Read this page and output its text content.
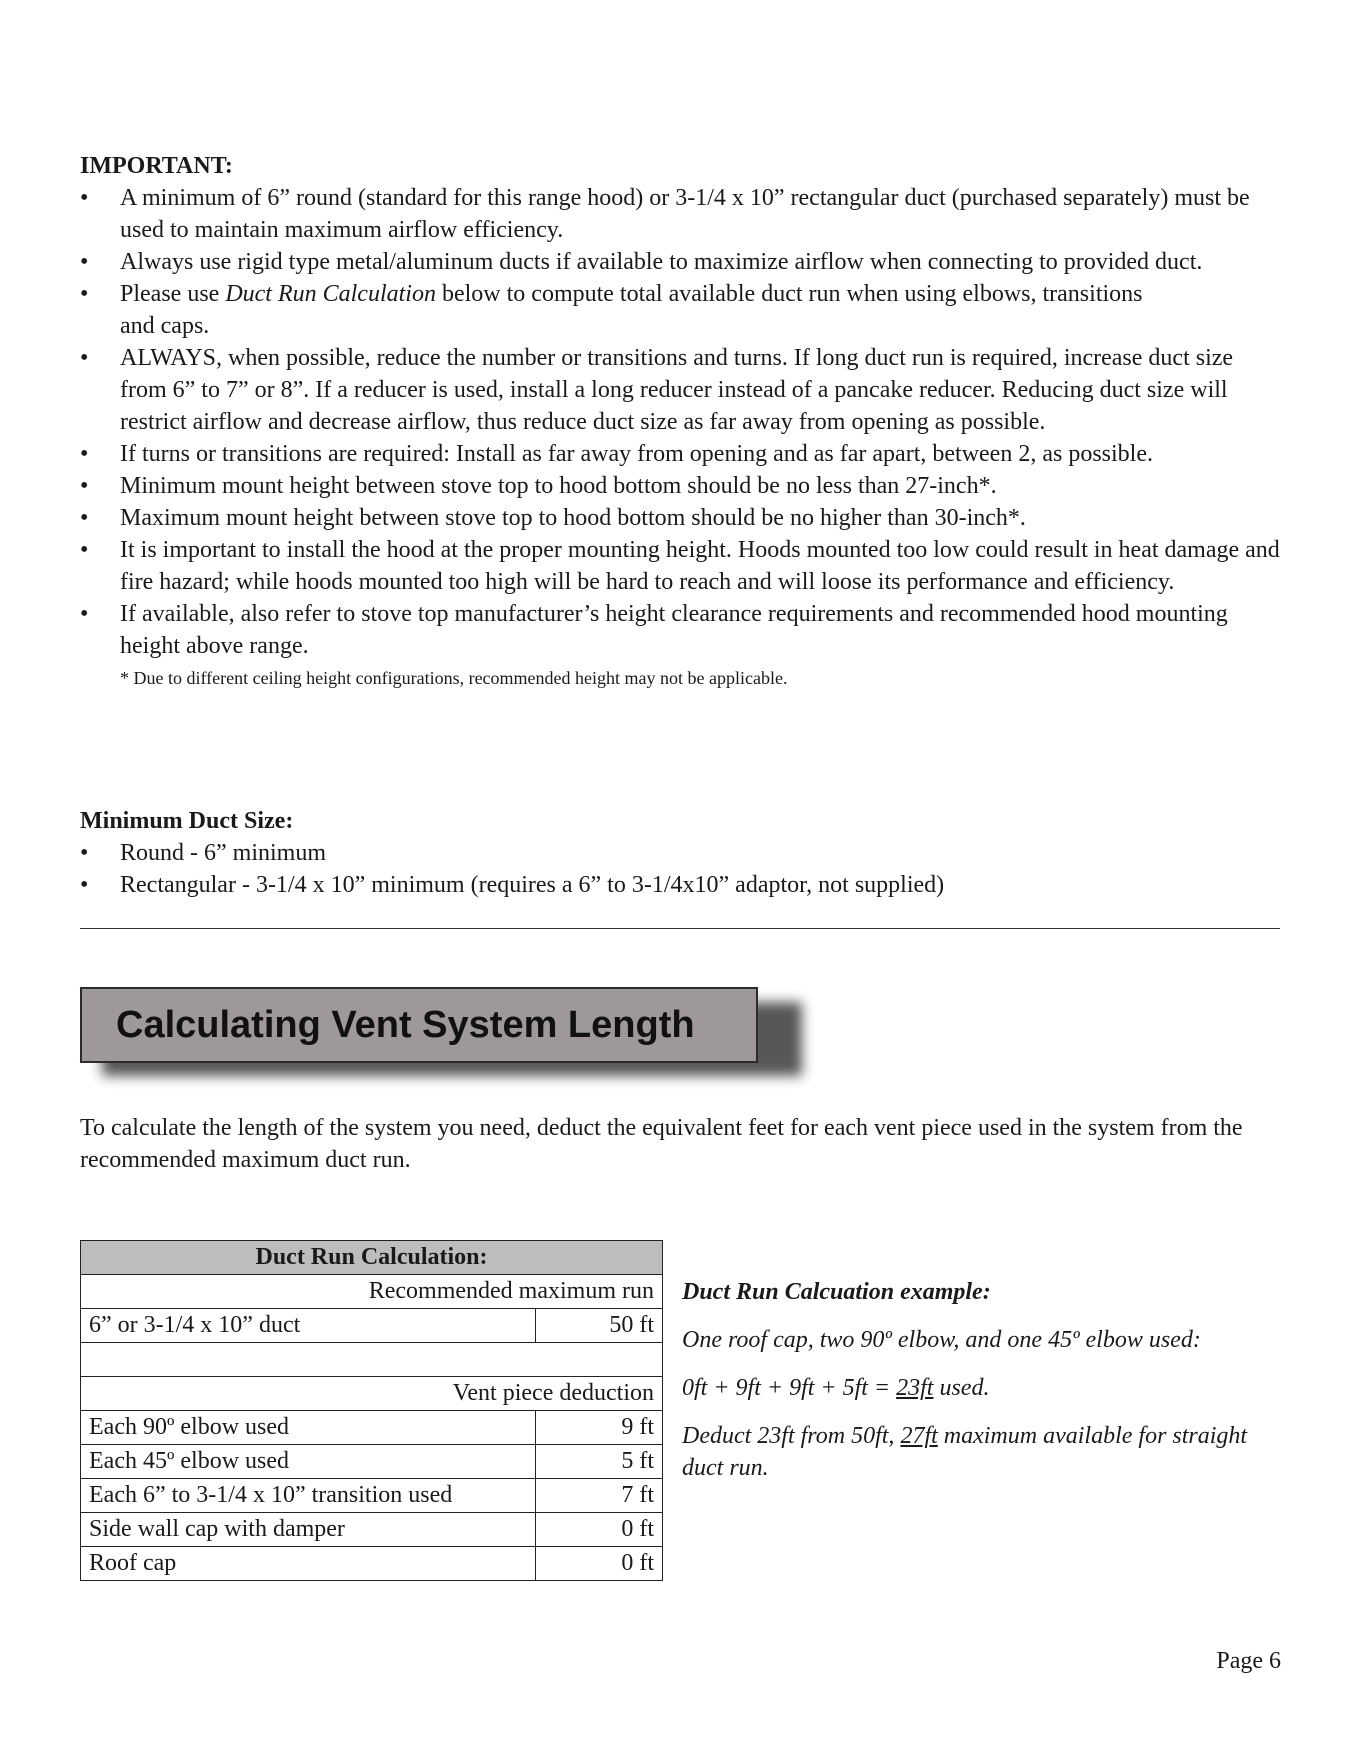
IMPORTANT:

• A minimum of 6” round (standard for this range hood) or 3-1/4 x 10” rectangular duct (purchased separately) must be used to maintain maximum airflow efficiency.
• Always use rigid type metal/aluminum ducts if available to maximize airflow when connecting to provided duct.
• Please use Duct Run Calculation below to compute total available duct run when using elbows, transitions
and caps.
• ALWAYS, when possible, reduce the number or transitions and turns. If long duct run is required, increase duct size from 6” to 7” or 8”. If a reducer is used, install a long reducer instead of a pancake reducer. Reducing duct size will restrict airflow and decrease airflow, thus reduce duct size as far away from opening as possible.
• If turns or transitions are required: Install as far away from opening and as far apart, between 2, as possible.
• Minimum mount height between stove top to hood bottom should be no less than 27-inch*.
• Maximum mount height between stove top to hood bottom should be no higher than 30-inch*.
• It is important to install the hood at the proper mounting height. Hoods mounted too low could result in heat damage and fire hazard; while hoods mounted too high will be hard to reach and will loose its performance and efficiency.
• If available, also refer to stove top manufacturer’s height clearance requirements and recommended hood mounting height above range.
* Due to different ceiling height configurations, recommended height may not be applicable.

Minimum Duct Size:

• Round - 6” minimum
• Rectangular - 3-1/4 x 10” minimum (requires a 6” to 3-1/4x10” adaptor, not supplied)
Calculating Vent System Length

To calculate the length of the system you need, deduct the equivalent feet for each vent piece used in the system from the recommended maximum duct run.

Duct Run Calculation:	
Recommended maximum run	
6” or 3-1/4 x 10” duct	50 ft

Vent piece deduction	
Each 90º elbow used	9 ft
Each 45º elbow used	5 ft
Each 6” to 3-1/4 x 10” transition used	7 ft
Side wall cap with damper	0 ft
Roof cap	0 ft

Duct Run Calcuation example:

One roof cap, two 90º elbow, and one 45º elbow used:

0ft + 9ft + 9ft + 5ft = 23ft used.

Deduct 23ft from 50ft, 27ft maximum available for straight duct run.

Page 6
